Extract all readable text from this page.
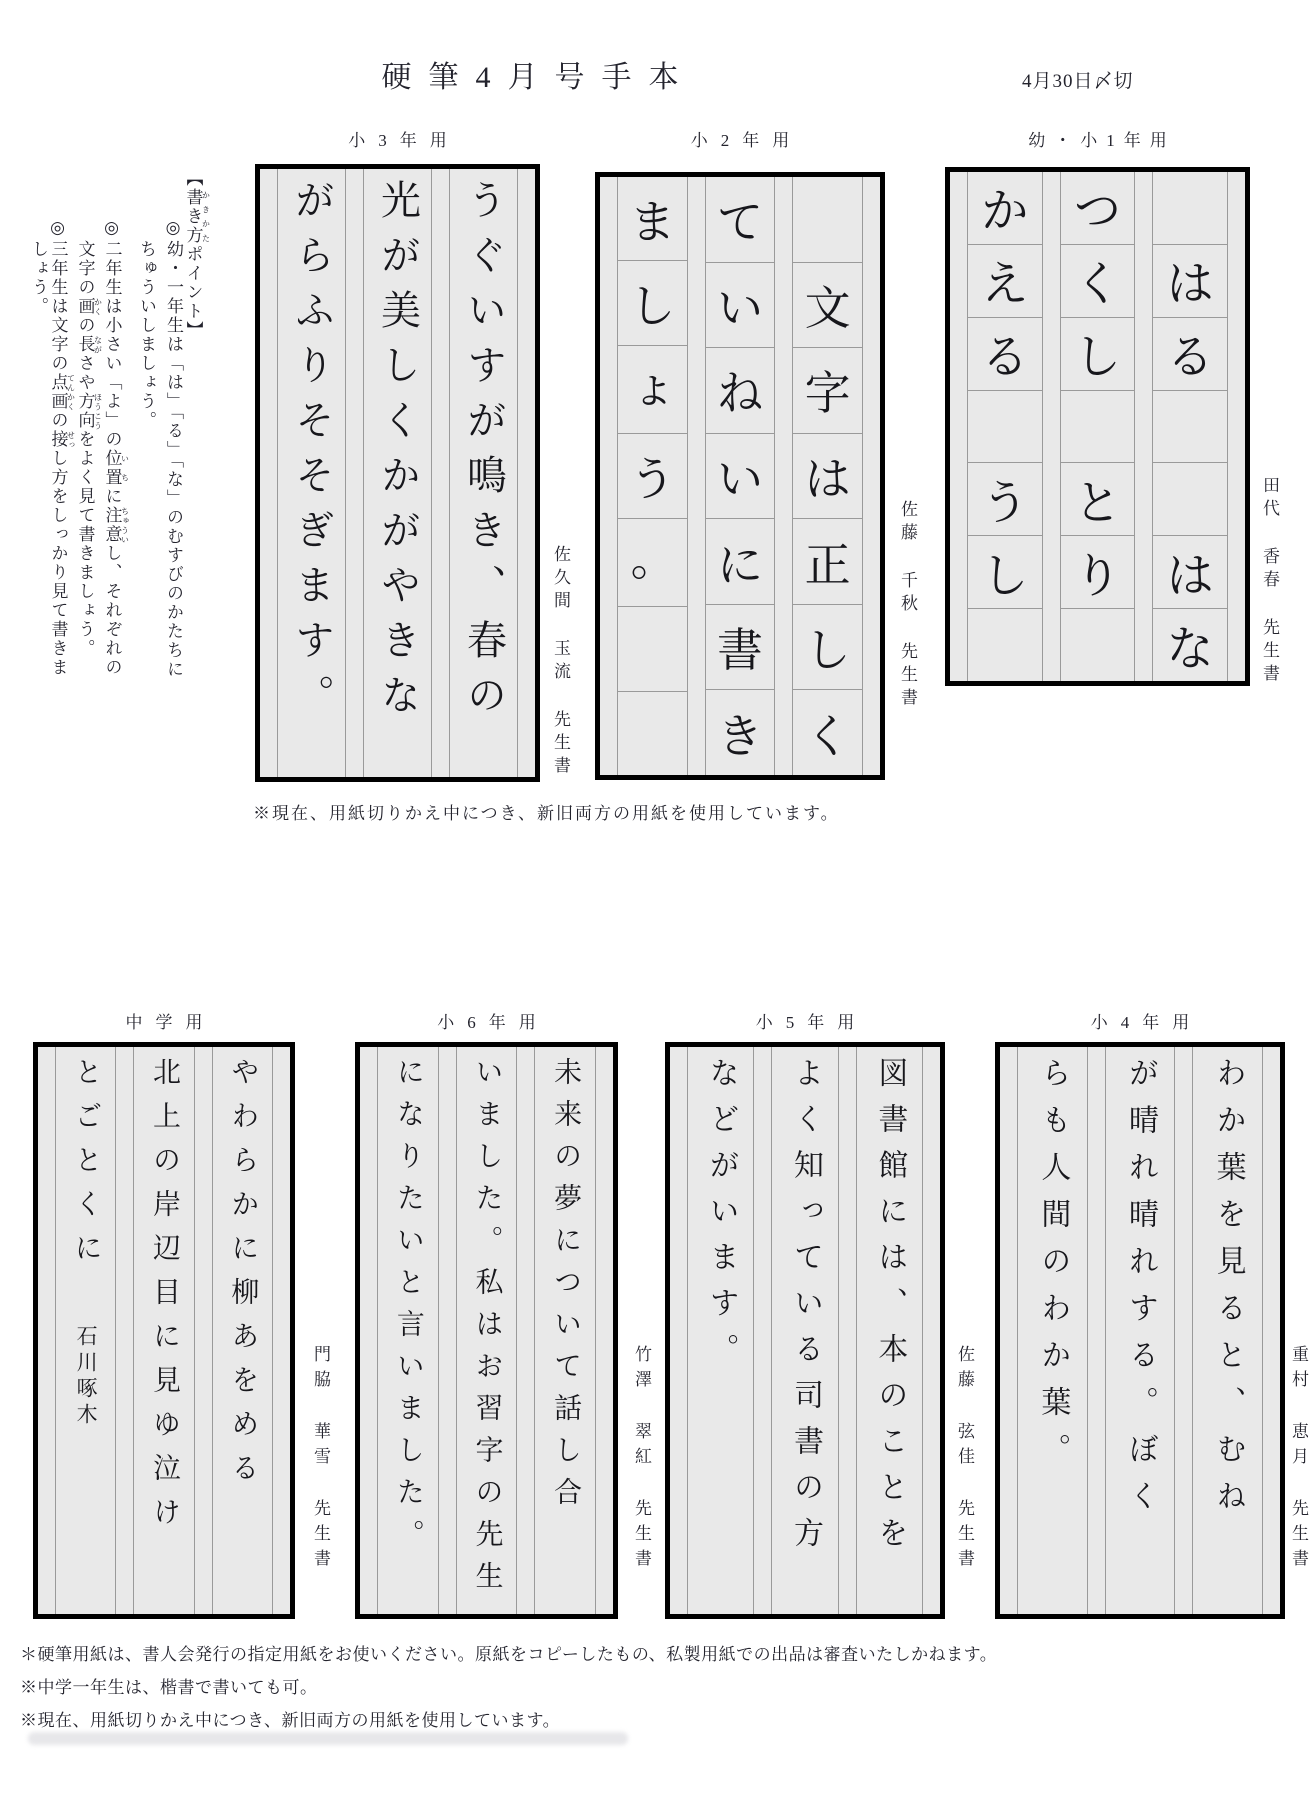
硬筆4月号手本	4月30日〆切
【書き方 かきかたポイント】
◎幼・一年生は「は」「る」「な」のむすびのかたちに
ちゅういしましょう。
◎二年生は小さい「よ」の位置 いちに注意 ちゅういし、それぞれの
文字の画 かくの長 ながさや方向 ほうこうをよく見て書きましょう。
◎三年生は文字の点画 てんかくの接 せっし方をしっかり見て書きま
しょう。
小3年用
うぐいすが鳴き、春の
光が美しくかがやきな
がらふりそそぎます。	佐久間 玉流 先生書
小2年用
文
字
は
正
し
く
て
い
ね
い
に
書
き
ま
し
ょ
う
。	佐藤 千秋 先生書
幼・小1年用
は
る
は
な
つ
く
し
と
り
か
え
る
う
し	田代 香春 先生書
中学用
やわらかに柳あをめる
北上の岸辺目に見ゆ泣け
とごとくに
石川啄木	門脇 華雪 先生書
小6年用
未来の夢について話し合
いました。私はお習字の先生
になりたいと言いました。	竹澤 翠紅 先生書
小5年用
図書館には、本のことを
よく知っている司書の方
などがいます。
佐藤 弦佳 先生書
小4年用
わか葉を見ると、むね
が晴れ晴れする。ぼく
らも人間のわか葉。	重村 恵月 先生書
※現在、用紙切りかえ中につき、新旧両方の用紙を使用しています。
＊硬筆用紙は、書人会発行の指定用紙をお使いください。原紙をコピーしたもの、私製用紙での出品は審査いたしかねます。
※中学一年生は、楷書で書いても可。
※現在、用紙切りかえ中につき、新旧両方の用紙を使用しています。
